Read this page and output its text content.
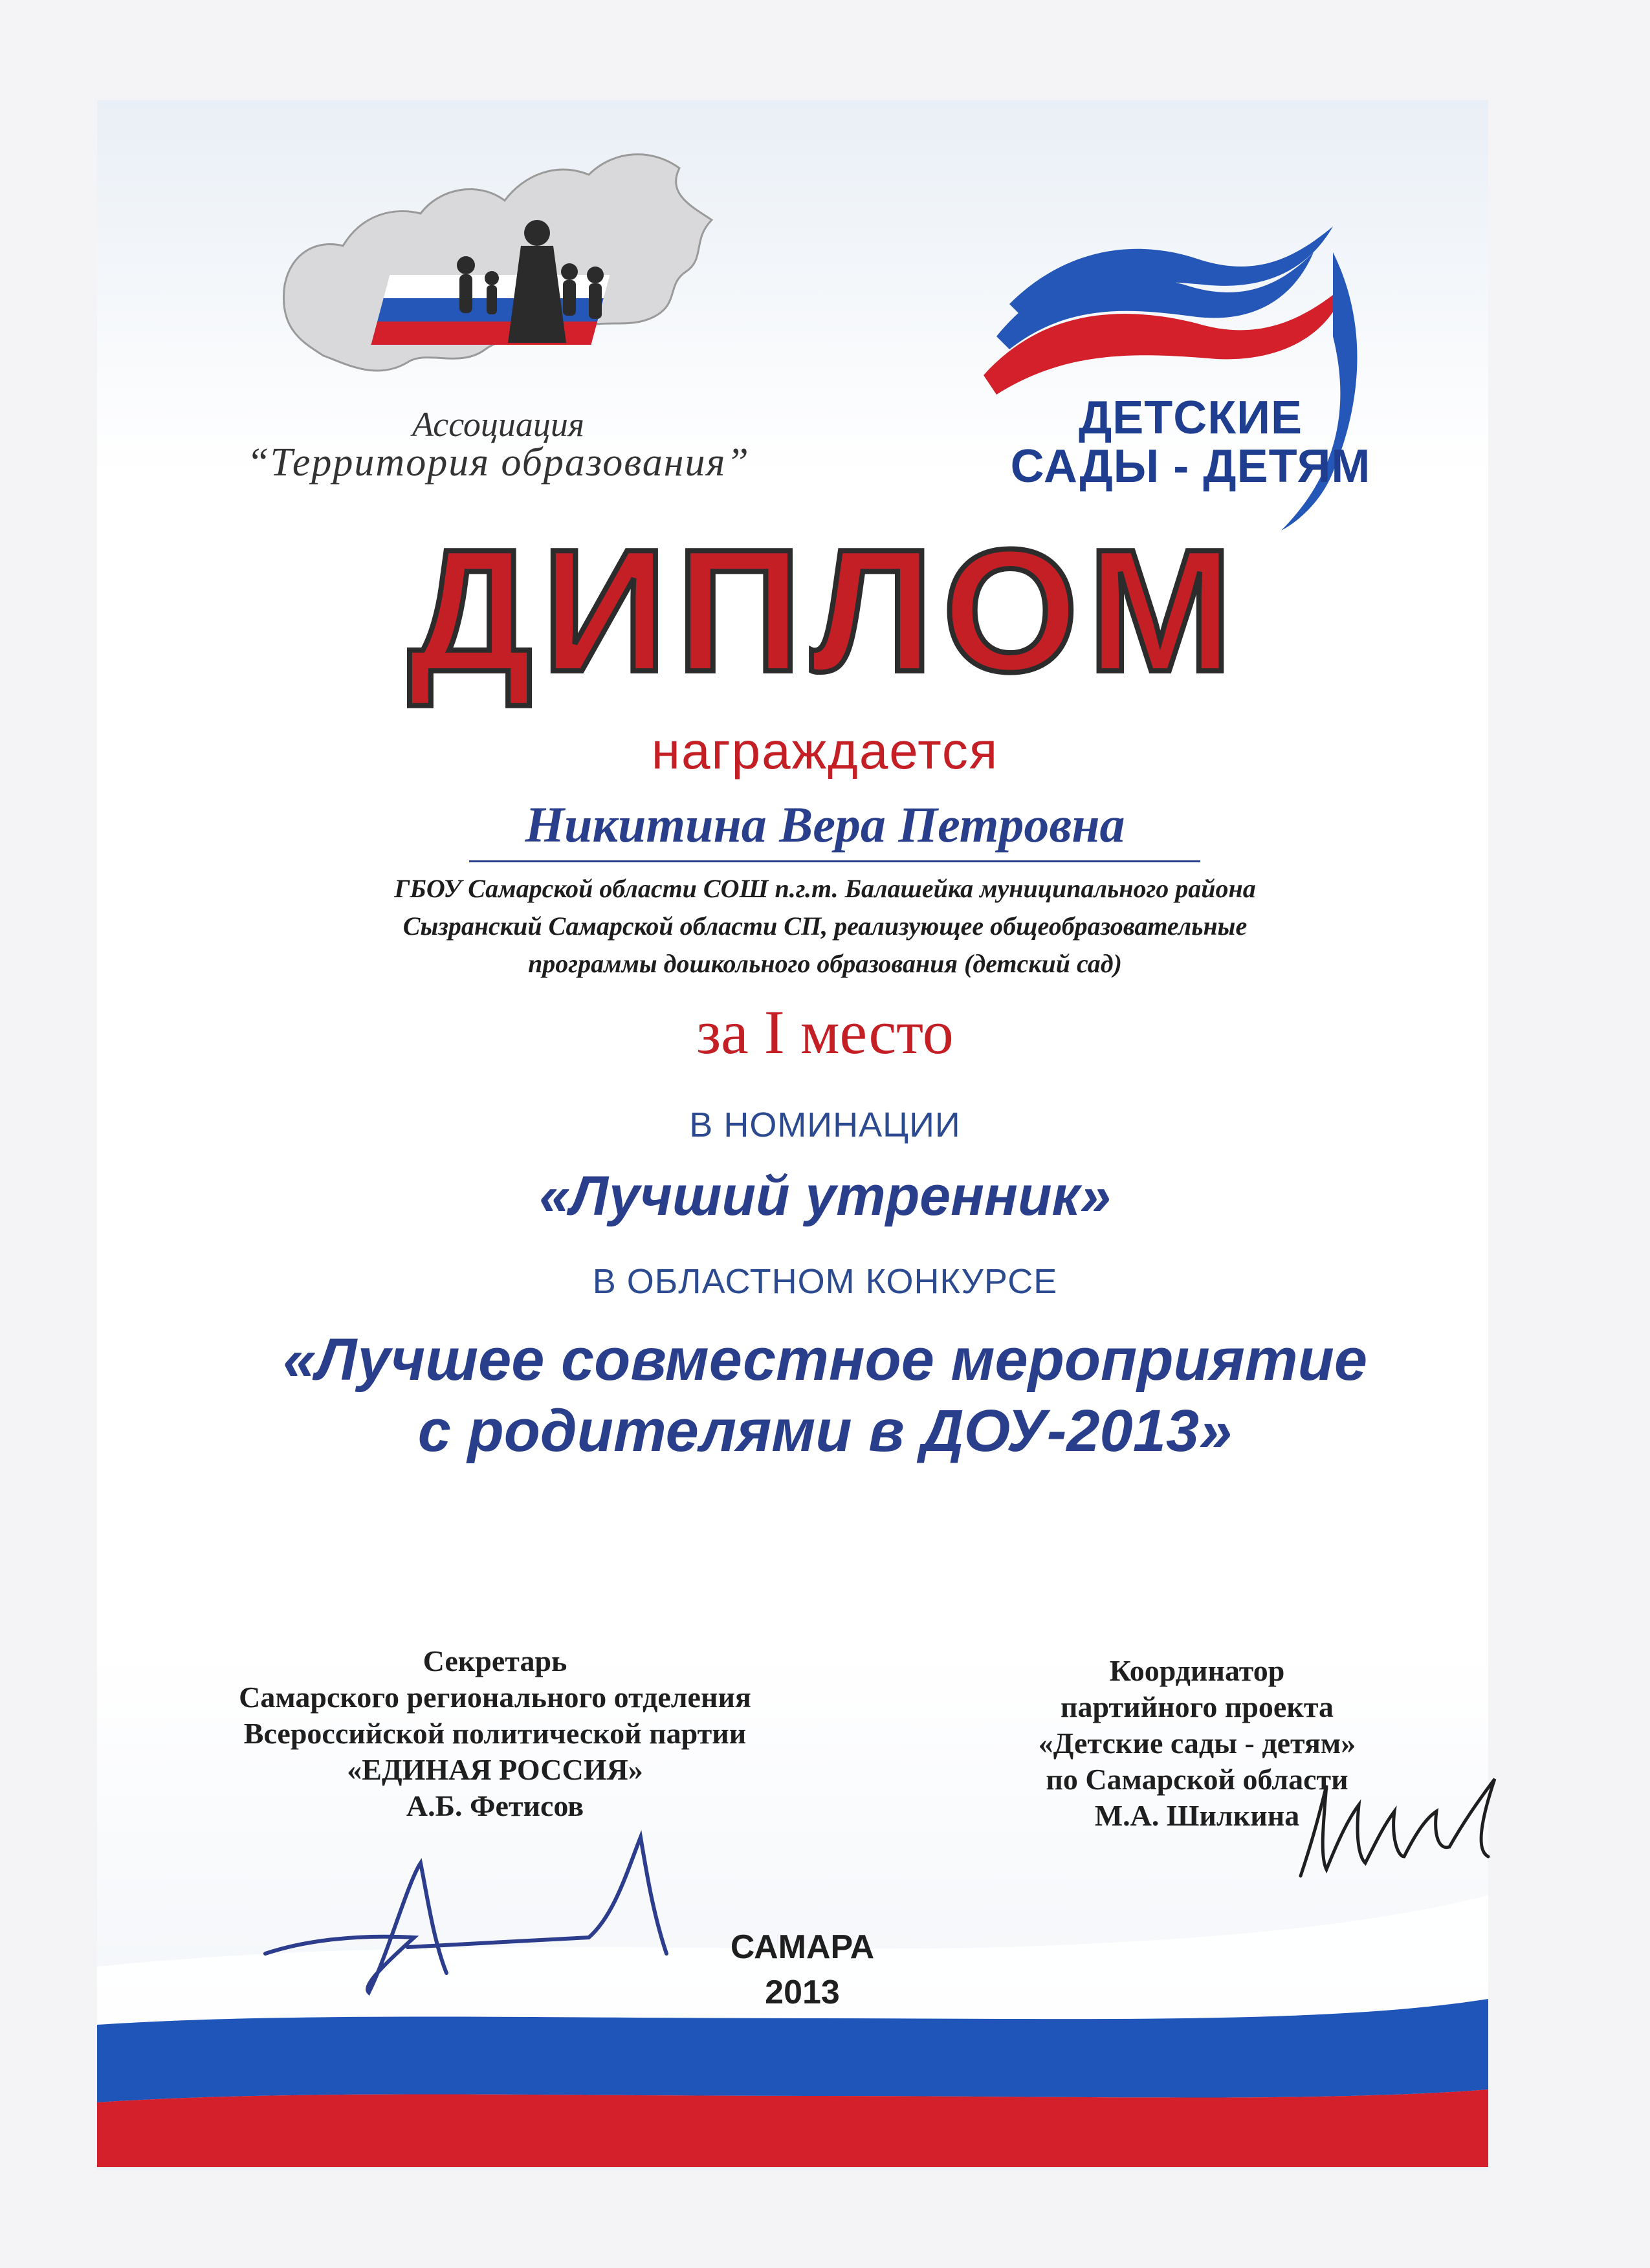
Ассоциация
“Территория образования”
ДЕТСКИЕ
САДЫ - ДЕТЯМ
ДИПЛОМ
награждается
Никитина Вера Петровна
ГБОУ Самарской области СОШ п.г.т. Балашейка муниципального района
Сызранский Самарской области СП, реализующее общеобразовательные
программы дошкольного образования (детский сад)
за I место
В НОМИНАЦИИ
«Лучший утренник»
В ОБЛАСТНОМ КОНКУРСЕ
«Лучшее совместное мероприятие
с родителями в ДОУ-2013»
Секретарь
Самарского регионального отделения
Всероссийской политической партии
«ЕДИНАЯ РОССИЯ»
А.Б. Фетисов
Координатор
партийного проекта
«Детские сады - детям»
по Самарской области
М.А. Шилкина
САМАРА
2013
